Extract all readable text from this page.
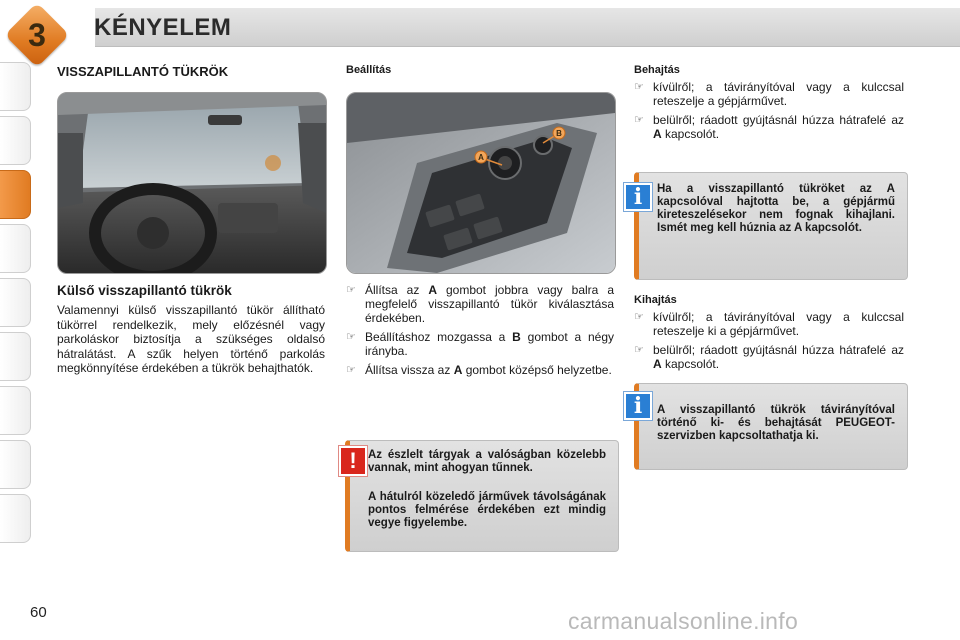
3	KÉNYELEM
VISSZAPILLANTÓ TÜKRÖK
Külső visszapillantó tükrök
Valamennyi külső visszapillantó tükör állítható tükörrel rendelkezik, mely előzésnél vagy parkoláskor biztosítja a szükséges oldalsó hátralátást. A szűk helyen történő parkolás megkönnyítése érdekében a tükrök behajthatók.
Beállítás
A
B
☞ Állítsa az A gombot jobbra vagy balra a megfelelő visszapillantó tükör kiválasztása érdekében.
☞ Beállításhoz mozgassa a B gombot a négy irányba.
☞ Állítsa vissza az A gombot középső helyzetbe.
Az észlelt tárgyak a valóságban közelebb vannak, mint ahogyan tűnnek.
A hátulról közeledő járművek távolságának pontos felmérése érdekében ezt mindig vegye figyelembe.
!
Behajtás
☞ kívülről; a távirányítóval vagy a kulccsal reteszelje a gépjárművet.
☞ belülről; ráadott gyújtásnál húzza hátrafelé az A kapcsolót.
Ha a visszapillantó tükröket az A kapcsolóval hajtotta be, a gépjármű kireteszelésekor nem fognak kihajlani. Ismét meg kell húznia az A kapcsolót.
i
Kihajtás
☞ kívülről; a távirányítóval vagy a kulccsal reteszelje ki a gépjárművet.
☞ belülről; ráadott gyújtásnál húzza hátrafelé az A kapcsolót.
A visszapillantó tükrök távirányítóval történő ki- és behajtását PEUGEOT-szervizben kapcsoltathatja ki.
i
60	carmanualsonline.info
